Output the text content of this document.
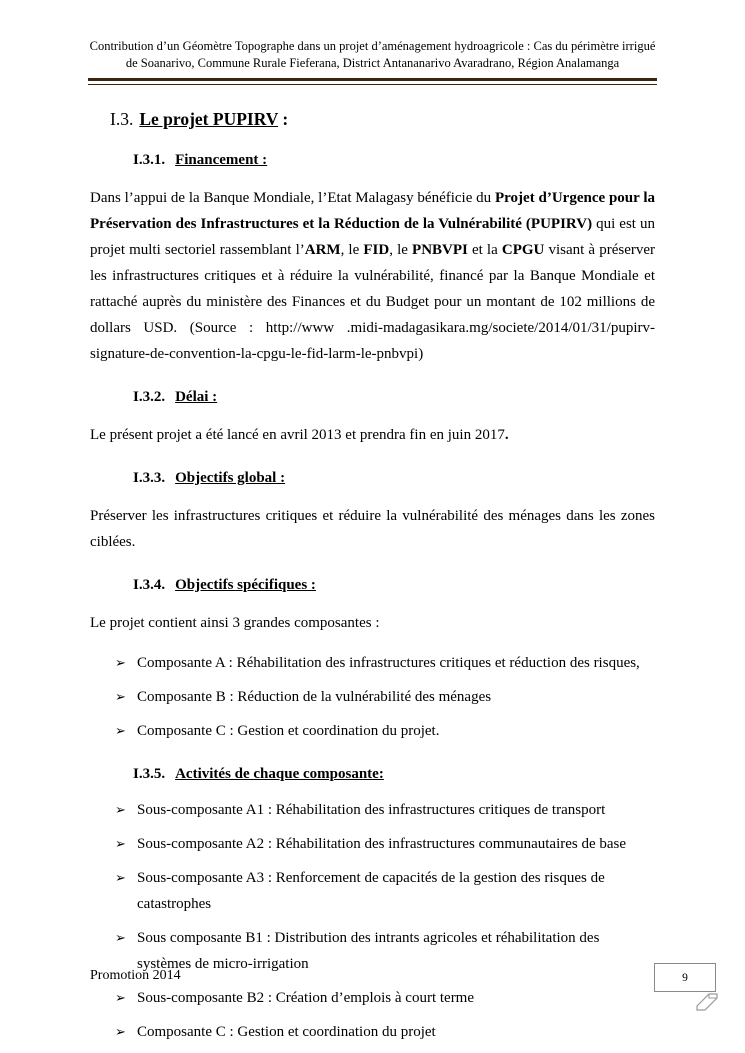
Contribution d’un Géomètre Topographe dans un projet d’aménagement hydroagricole : Cas du périmètre irrigué de Soanarivo, Commune Rurale Fieferana, District Antananarivo Avaradrano, Région Analamanga
I.3. Le projet PUPIRV :
I.3.1. Financement :

Dans l’appui de la Banque Mondiale, l’Etat Malagasy bénéficie du Projet d’Urgence pour la Préservation des Infrastructures et la Réduction de la Vulnérabilité (PUPIRV) qui est un projet multi sectoriel rassemblant l’ARM, le FID, le PNBVPI et la CPGU visant à préserver les infrastructures critiques et à réduire la vulnérabilité, financé par la Banque Mondiale et rattaché auprès du ministère des Finances et du Budget pour un montant de 102 millions de dollars USD. (Source : http://www .midi-madagasikara.mg/societe/2014/01/31/pupirv-signature-de-convention-la-cpgu-le-fid-larm-le-pnbvpi)

I.3.2. Délai :

Le présent projet a été lancé en avril 2013 et prendra fin en juin 2017.

I.3.3. Objectifs global :

Préserver les infrastructures critiques et réduire la vulnérabilité des ménages dans les zones ciblées.

I.3.4. Objectifs spécifiques :

Le projet contient ainsi 3 grandes composantes :

➢ Composante A : Réhabilitation des infrastructures critiques et réduction des risques,
➢ Composante B : Réduction de la vulnérabilité des ménages
➢ Composante C : Gestion et coordination du projet.
I.3.5. Activités de chaque composante:
➢ Sous-composante A1 : Réhabilitation des infrastructures critiques de transport
➢ Sous-composante A2 : Réhabilitation des infrastructures communautaires de base
➢ Sous-composante A3 : Renforcement de capacités de la gestion des risques de catastrophes
➢ Sous composante B1 : Distribution des intrants agricoles et réhabilitation des systèmes de micro-irrigation
➢ Sous-composante B2 : Création d’emplois à court terme
➢ Composante C : Gestion et coordination du projet
Promotion 2014	9
